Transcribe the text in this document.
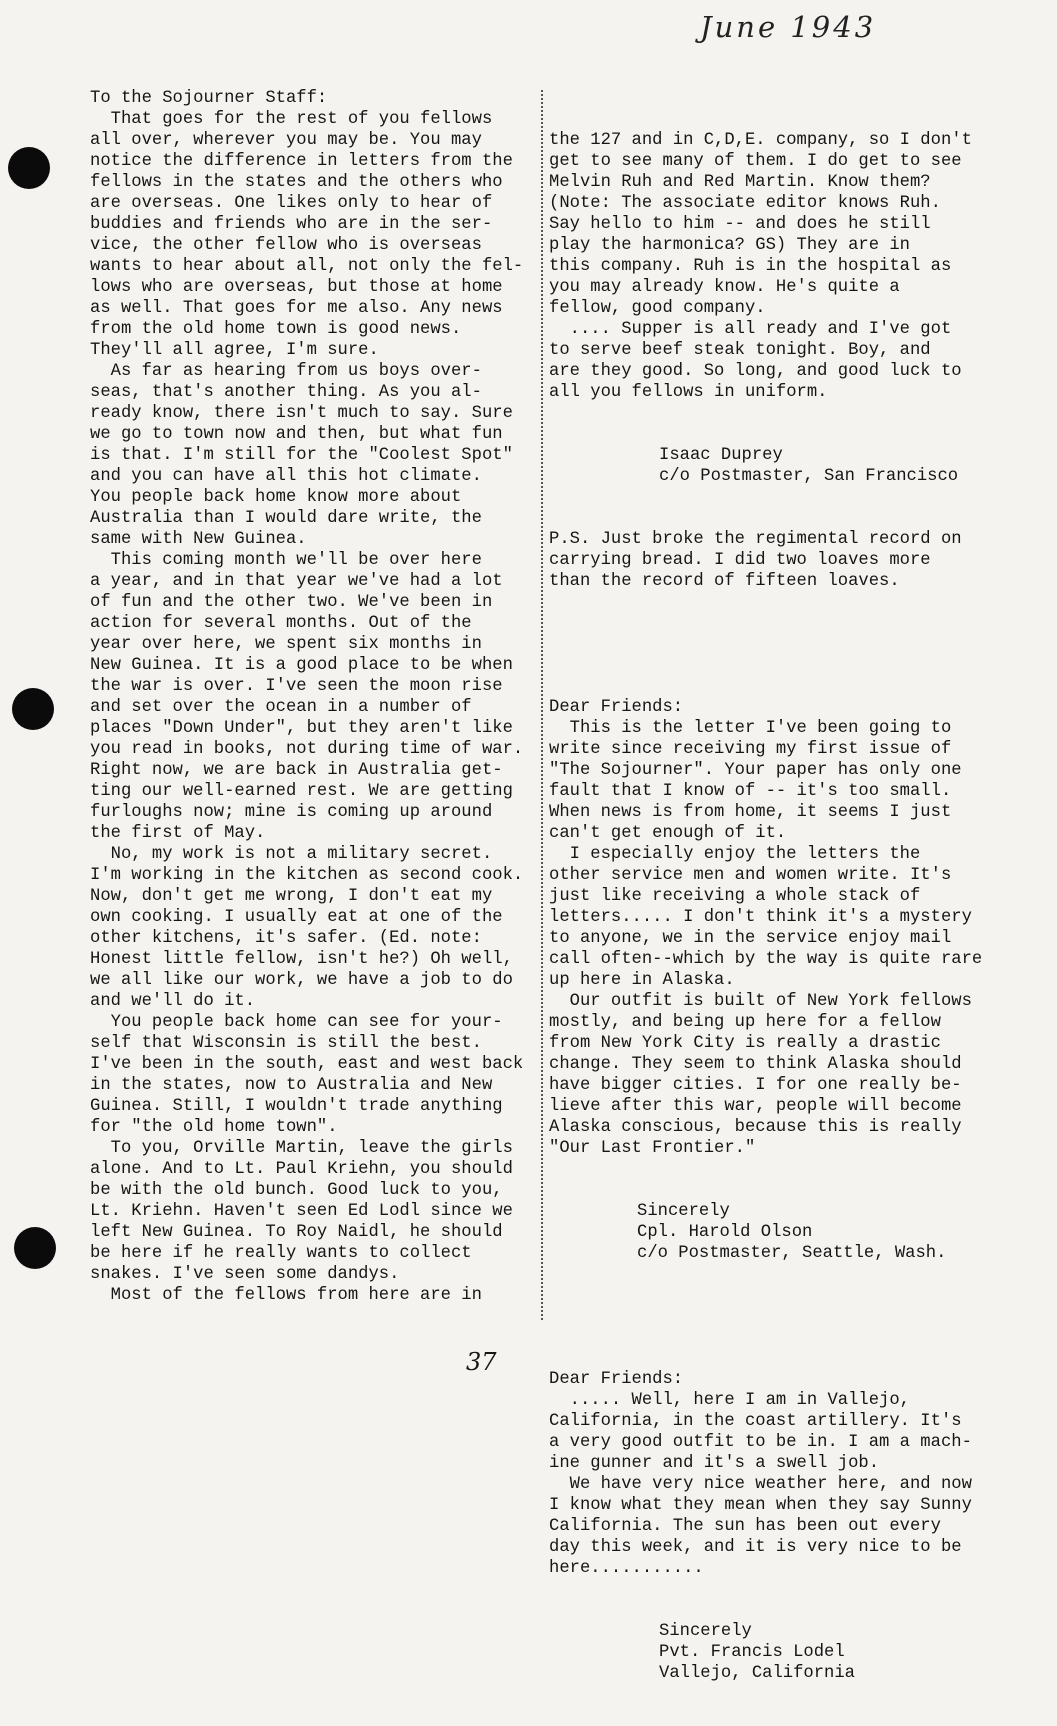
June 1943
To the Sojourner Staff:
That goes for the rest of you fellows
all over, wherever you may be. You may
notice the difference in letters from the
fellows in the states and the others who
are overseas. One likes only to hear of
buddies and friends who are in the ser-
vice, the other fellow who is overseas
wants to hear about all, not only the fel-
lows who are overseas, but those at home
as well. That goes for me also. Any news
from the old home town is good news.
They'll all agree, I'm sure.
As far as hearing from us boys over-
seas, that's another thing. As you al-
ready know, there isn't much to say. Sure
we go to town now and then, but what fun
is that. I'm still for the "Coolest Spot"
and you can have all this hot climate.
You people back home know more about
Australia than I would dare write, the
same with New Guinea.
This coming month we'll be over here
a year, and in that year we've had a lot
of fun and the other two. We've been in
action for several months. Out of the
year over here, we spent six months in
New Guinea. It is a good place to be when
the war is over. I've seen the moon rise
and set over the ocean in a number of
places "Down Under", but they aren't like
you read in books, not during time of war.
Right now, we are back in Australia get-
ting our well-earned rest. We are getting
furloughs now; mine is coming up around
the first of May.
No, my work is not a military secret.
I'm working in the kitchen as second cook.
Now, don't get me wrong, I don't eat my
own cooking. I usually eat at one of the
other kitchens, it's safer. (Ed. note:
Honest little fellow, isn't he?) Oh well,
we all like our work, we have a job to do
and we'll do it.
You people back home can see for your-
self that Wisconsin is still the best.
I've been in the south, east and west back
in the states, now to Australia and New
Guinea. Still, I wouldn't trade anything
for "the old home town".
To you, Orville Martin, leave the girls
alone. And to Lt. Paul Kriehn, you should
be with the old bunch. Good luck to you,
Lt. Kriehn. Haven't seen Ed Lodl since we
left New Guinea. To Roy Naidl, he should
be here if he really wants to collect
snakes. I've seen some dandys.
Most of the fellows from here are in

the 127 and in C,D,E. company, so I don't
get to see many of them. I do get to see
Melvin Ruh and Red Martin. Know them?
(Note: The associate editor knows Ruh.
Say hello to him -- and does he still
play the harmonica? GS) They are in
this company. Ruh is in the hospital as
you may already know. He's quite a
fellow, good company.
.... Supper is all ready and I've got
to serve beef steak tonight. Boy, and
are they good. So long, and good luck to
all you fellows in uniform.

Isaac Duprey
c/o Postmaster, San Francisco

P.S. Just broke the regimental record on
carrying bread. I did two loaves more
than the record of fifteen loaves.

Dear Friends:
This is the letter I've been going to
write since receiving my first issue of
"The Sojourner". Your paper has only one
fault that I know of -- it's too small.
When news is from home, it seems I just
can't get enough of it.
I especially enjoy the letters the
other service men and women write. It's
just like receiving a whole stack of
letters..... I don't think it's a mystery
to anyone, we in the service enjoy mail
call often--which by the way is quite rare
up here in Alaska.
Our outfit is built of New York fellows
mostly, and being up here for a fellow
from New York City is really a drastic
change. They seem to think Alaska should
have bigger cities. I for one really be-
lieve after this war, people will become
Alaska conscious, because this is really
"Our Last Frontier."

Sincerely
Cpl. Harold Olson
c/o Postmaster, Seattle, Wash.

Dear Friends:
..... Well, here I am in Vallejo,
California, in the coast artillery. It's
a very good outfit to be in. I am a mach-
ine gunner and it's a swell job.
We have very nice weather here, and now
I know what they mean when they say Sunny
California. The sun has been out every
day this week, and it is very nice to be
here...........

Sincerely
Pvt. Francis Lodel
Vallejo, California

37
